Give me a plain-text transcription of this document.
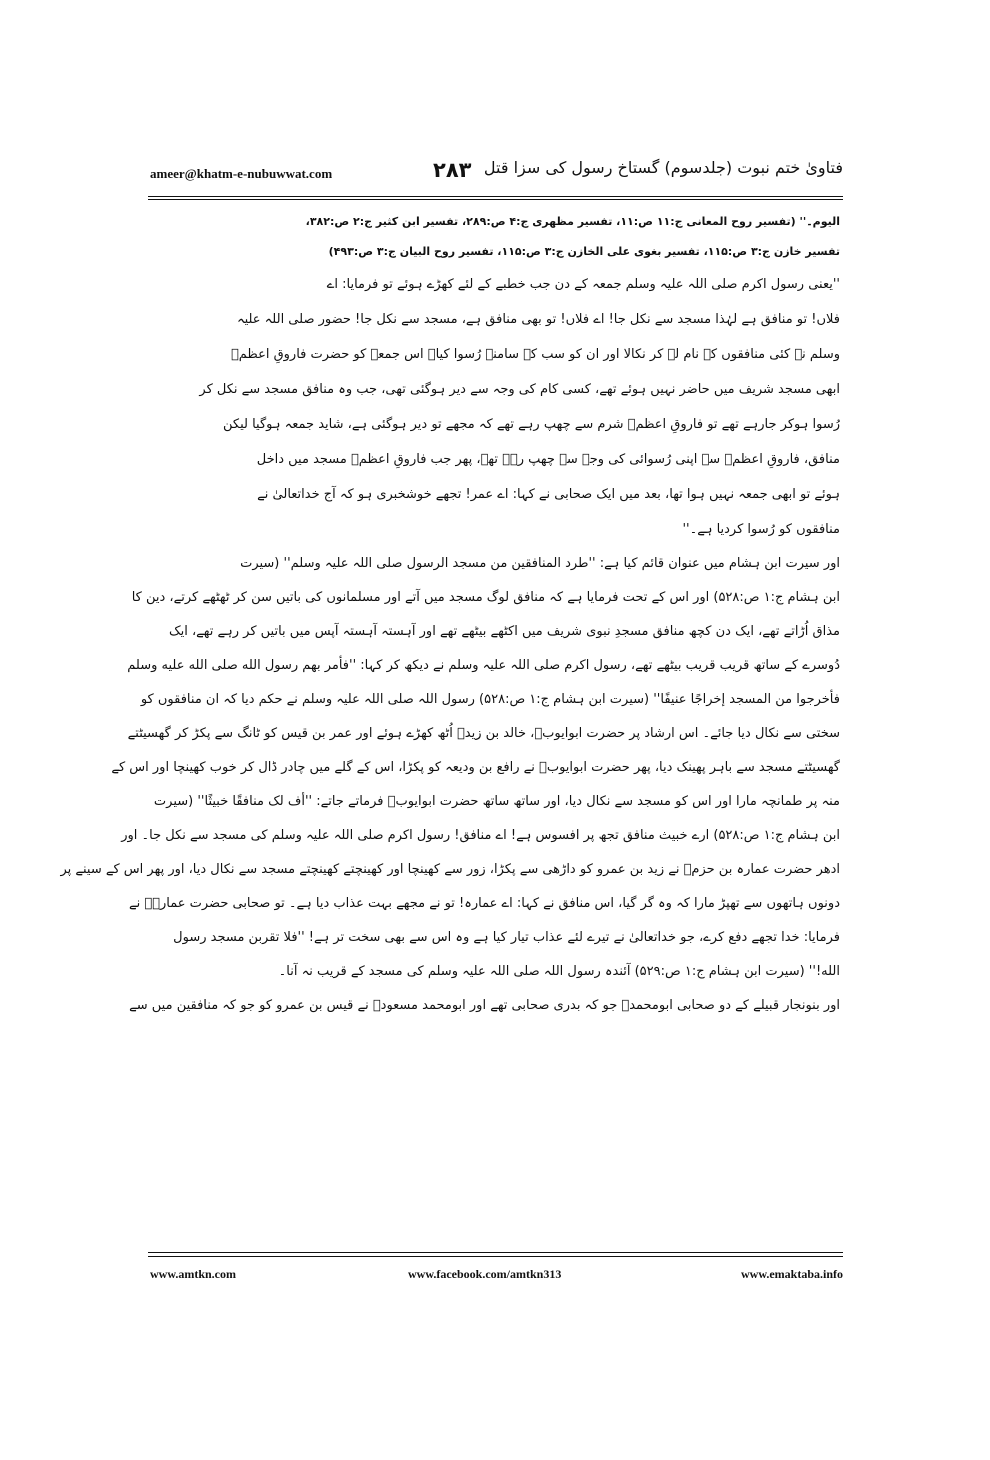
ameer@khatm-e-nubuwwat.com	۲۸۳ فتاویٰ ختم نبوت (جلدسوم) گستاخ رسول کی سزا قتل
الیوم۔'' (تفسیر روح المعانی ج:۱۱ ص:۱۱، تفسیر مظهری ج:۴ ص:۲۸۹، تفسیر ابن کثیر ج:۲ ص:۳۸۲،
تفسیر خازن ج:۳ ص:۱۱۵، تفسیر بغوی علی الخازن ج:۳ ص:۱۱۵، تفسیر روح البیان ج:۳ ص:۴۹۳)
''یعنی رسول اکرم صلی اللہ علیہ وسلم جمعہ کے دن جب خطبے کے لئے کھڑے ہوئے تو فرمایا: اے
فلاں! تو منافق ہے لہٰذا مسجد سے نکل جا! اے فلاں! تو بھی منافق ہے، مسجد سے نکل جا! حضور صلی اللہ علیہ
وسلم نے کئی منافقوں کے نام لے کر نکالا اور ان کو سب کے سامنے رُسوا کیا۔ اس جمعہ کو حضرت فاروقِ اعظمؓ
ابھی مسجد شریف میں حاضر نہیں ہوئے تھے، کسی کام کی وجہ سے دیر ہوگئی تھی، جب وہ منافق مسجد سے نکل کر
رُسوا ہوکر جارہے تھے تو فاروقِ اعظمؓ شرم سے چھپ رہے تھے کہ مجھے تو دیر ہوگئی ہے، شاید جمعہ ہوگیا لیکن
منافق، فاروقِ اعظمؓ سے اپنی رُسوائی کی وجہ سے چھپ رہے تھے، پھر جب فاروقِ اعظمؓ مسجد میں داخل
ہوئے تو ابھی جمعہ نہیں ہوا تھا، بعد میں ایک صحابی نے کہا: اے عمر! تجھے خوشخبری ہو کہ آج خداتعالیٰ نے
منافقوں کو رُسوا کردیا ہے۔''
اور سیرت ابن ہشام میں عنوان قائم کیا ہے: ''طرد المنافقین من مسجد الرسول صلی اللہ علیہ وسلم'' (سیرت
ابن ہشام ج:۱ ص:۵۲۸) اور اس کے تحت فرمایا ہے کہ منافق لوگ مسجد میں آتے اور مسلمانوں کی باتیں سن کر ٹھٹھے کرتے، دین کا
مذاق اُڑاتے تھے، ایک دن کچھ منافق مسجدِ نبوی شریف میں اکٹھے بیٹھے تھے اور آہستہ آہستہ آپس میں باتیں کر رہے تھے، ایک
دُوسرے کے ساتھ قریب قریب بیٹھے تھے، رسول اکرم صلی اللہ علیہ وسلم نے دیکھ کر کہا: ''فأمر بهم رسول الله صلی الله علیه وسلم
فأخرجوا من المسجد إخراجًا عنیفًا'' (سیرت ابن ہشام ج:۱ ص:۵۲۸) رسول اللہ صلی اللہ علیہ وسلم نے حکم دیا کہ ان منافقوں کو
سختی سے نکال دیا جائے۔ اس ارشاد پر حضرت ابوایوبؓ، خالد بن زیدؓ اُٹھ کھڑے ہوئے اور عمر بن قیس کو ٹانگ سے پکڑ کر گھسیٹتے
گھسیٹتے مسجد سے باہر پھینک دیا، پھر حضرت ابوایوبؓ نے رافع بن ودیعہ کو پکڑا، اس کے گلے میں چادر ڈال کر خوب کھینچا اور اس کے
منہ پر طمانچہ مارا اور اس کو مسجد سے نکال دیا، اور ساتھ ساتھ حضرت ابوایوبؓ فرماتے جاتے: ''أف لک منافقًا خبیثًا'' (سیرت
ابن ہشام ج:۱ ص:۵۲۸) ارے خبیث منافق تجھ پر افسوس ہے! اے منافق! رسول اکرم صلی اللہ علیہ وسلم کی مسجد سے نکل جا۔ اور
ادھر حضرت عمارہ بن حزمؓ نے زید بن عمرو کو داڑھی سے پکڑا، زور سے کھینچا اور کھینچتے کھینچتے مسجد سے نکال دیا، اور پھر اس کے سینے پر
دونوں ہاتھوں سے تھپڑ مارا کہ وہ گر گیا، اس منافق نے کہا: اے عمارہ! تو نے مجھے بہت عذاب دیا ہے۔ تو صحابی حضرت عمارہؓ نے
فرمایا: خدا تجھے دفع کرے، جو خداتعالیٰ نے تیرے لئے عذاب تیار کیا ہے وہ اس سے بھی سخت تر ہے! ''فلا تقربن مسجد رسول
الله!'' (سیرت ابن ہشام ج:۱ ص:۵۲۹) آئندہ رسول اللہ صلی اللہ علیہ وسلم کی مسجد کے قریب نہ آنا۔
اور بنونجار قبیلے کے دو صحابی ابومحمدؓ جو کہ بدری صحابی تھے اور ابومحمد مسعودؓ نے قیس بن عمرو کو جو کہ منافقین میں سے
www.amtkn.com	www.facebook.com/amtkn313	www.emaktaba.info
